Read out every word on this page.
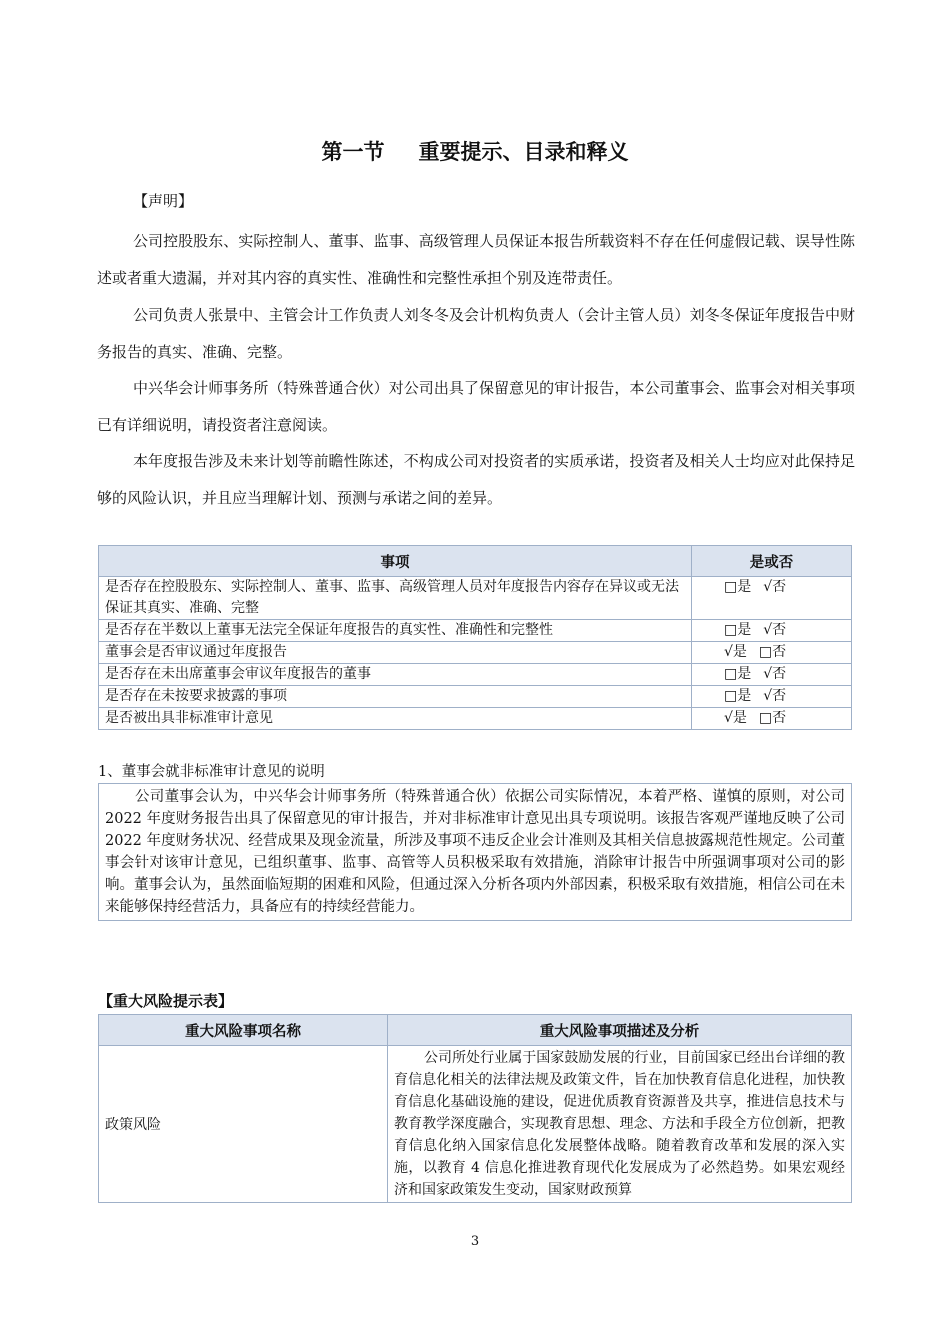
第一节 重要提示、目录和释义
【声明】
公司控股股东、实际控制人、董事、监事、高级管理人员保证本报告所载资料不存在任何虚假记载、误导性陈述或者重大遗漏，并对其内容的真实性、准确性和完整性承担个别及连带责任。
公司负责人张景中、主管会计工作负责人刘冬冬及会计机构负责人（会计主管人员）刘冬冬保证年度报告中财务报告的真实、准确、完整。
中兴华会计师事务所（特殊普通合伙）对公司出具了保留意见的审计报告，本公司董事会、监事会对相关事项已有详细说明，请投资者注意阅读。
本年度报告涉及未来计划等前瞻性陈述，不构成公司对投资者的实质承诺，投资者及相关人士均应对此保持足够的风险认识，并且应当理解计划、预测与承诺之间的差异。
事项	是或否
是否存在控股股东、实际控制人、董事、监事、高级管理人员对年度报告内容存在异议或无法保证其真实、准确、完整	□是 √否
是否存在半数以上董事无法完全保证年度报告的真实性、准确性和完整性	□是 √否
董事会是否审议通过年度报告	√是 □否
是否存在未出席董事会审议年度报告的董事	□是 √否
是否存在未按要求披露的事项	□是 √否
是否被出具非标准审计意见	√是 □否
1、董事会就非标准审计意见的说明
公司董事会认为，中兴华会计师事务所（特殊普通合伙）依据公司实际情况，本着严格、谨慎的原则，对公司 2022 年度财务报告出具了保留意见的审计报告，并对非标准审计意见出具专项说明。该报告客观严谨地反映了公司 2022 年度财务状况、经营成果及现金流量，所涉及事项不违反企业会计准则及其相关信息披露规范性规定。公司董事会针对该审计意见，已组织董事、监事、高管等人员积极采取有效措施，消除审计报告中所强调事项对公司的影响。董事会认为，虽然面临短期的困难和风险，但通过深入分析各项内外部因素，积极采取有效措施，相信公司在未来能够保持经营活力，具备应有的持续经营能力。
【重大风险提示表】
重大风险事项名称	重大风险事项描述及分析
政策风险	公司所处行业属于国家鼓励发展的行业，目前国家已经出台详细的教育信息化相关的法律法规及政策文件，旨在加快教育信息化进程，加快教育信息化基础设施的建设，促进优质教育资源普及共享，推进信息技术与教育教学深度融合，实现教育思想、理念、方法和手段全方位创新，把教育信息化纳入国家信息化发展整体战略。随着教育改革和发展的深入实施，以教育 4 信息化推进教育现代化发展成为了必然趋势。如果宏观经济和国家政策发生变动，国家财政预算
3
